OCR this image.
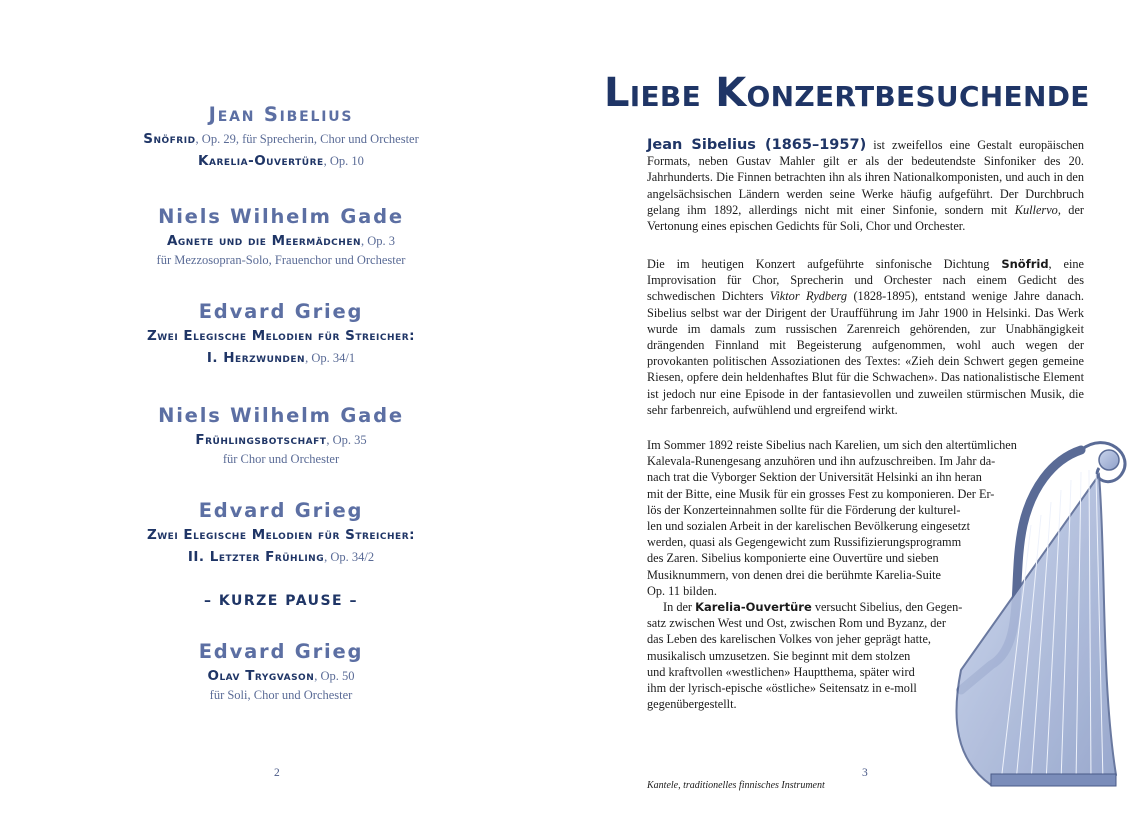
Jean Sibelius
Snöfrid, Op. 29, für Sprecherin, Chor und Orchester
Karelia-Ouvertüre, Op. 10
Niels Wilhelm Gade
Agnete und die Meermädchen, Op. 3
für Mezzosopran-Solo, Frauenchor und Orchester
Edvard Grieg
Zwei Elegische Melodien für Streicher:
I. Herzwunden, Op. 34/1
Niels Wilhelm Gade
Frühlingsbotschaft, Op. 35
für Chor und Orchester
Edvard Grieg
Zwei Elegische Melodien für Streicher:
II. Letzter Frühling, Op. 34/2
– KURZE PAUSE –
Edvard Grieg
Olav Trygvason, Op. 50
für Soli, Chor und Orchester
2
Liebe Konzertbesuchende

Jean Sibelius (1865–1957) ist zweifellos eine Gestalt europäischen Formats, neben Gustav Mahler gilt er als der bedeutendste Sinfoniker des 20. Jahrhunderts. Die Finnen betrachten ihn als ihren Nationalkomponisten, und auch in den angelsächsischen Ländern werden seine Werke häufig aufgeführt. Der Durchbruch gelang ihm 1892, allerdings nicht mit einer Sinfonie, sondern mit Kullervo, der Vertonung eines epischen Gedichts für Soli, Chor und Orchester.

Die im heutigen Konzert aufgeführte sinfonische Dichtung Snöfrid, eine Improvisation für Chor, Sprecherin und Orchester nach einem Gedicht des schwedischen Dichters Viktor Rydberg (1828-1895), entstand wenige Jahre danach. Sibelius selbst war der Dirigent der Uraufführung im Jahr 1900 in Helsinki. Das Werk wurde im damals zum russischen Zarenreich gehörenden, zur Unabhängigkeit drängenden Finnland mit Begeisterung aufgenommen, wohl auch wegen der provokanten politischen Assoziationen des Textes: «Zieh dein Schwert gegen gemeine Riesen, opfere dein heldenhaftes Blut für die Schwachen». Das nationalistische Element ist jedoch nur eine Episode in der fantasievollen und zuweilen stürmischen Musik, die sehr farbenreich, aufwühlend und ergreifend wirkt.

Im Sommer 1892 reiste Sibelius nach Karelien, um sich den altertümlichen
Kalevala-Runengesang anzuhören und ihn aufzuschreiben. Im Jahr da-
nach trat die Vyborger Sektion der Universität Helsinki an ihn heran
mit der Bitte, eine Musik für ein grosses Fest zu komponieren. Der Er-
lös der Konzerteinnahmen sollte für die Förderung der kulturel-
len und sozialen Arbeit in der karelischen Bevölkerung eingesetzt
werden, quasi als Gegengewicht zum Russifizierungsprogramm
des Zaren. Sibelius komponierte eine Ouvertüre und sieben
Musiknummern, von denen drei die berühmte Karelia-Suite
Op. 11 bilden.
In der Karelia-Ouvertüre versucht Sibelius, den Gegen-
satz zwischen West und Ost, zwischen Rom und Byzanz, der
das Leben des karelischen Volkes von jeher geprägt hatte,
musikalisch umzusetzen. Sie beginnt mit dem stolzen
und kraftvollen «westlichen» Hauptthema, später wird
ihm der lyrisch-epische «östliche» Seitensatz in e-moll
gegenübergestellt.

Kantele, traditionelles finnisches Instrument
3
